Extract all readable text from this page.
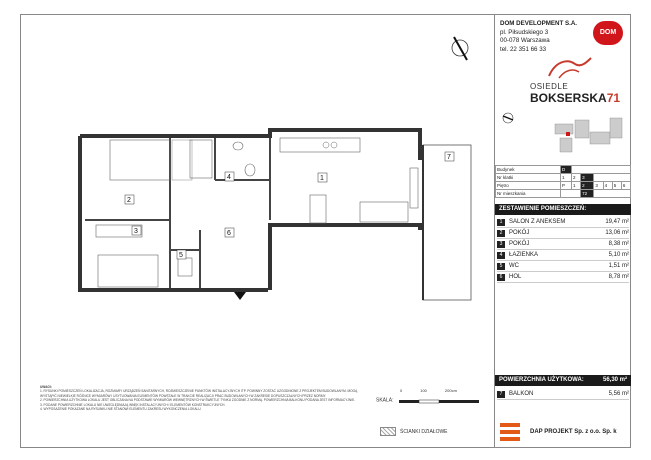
2
3
4
5
6
1
7
DOM DEVELOPMENT S.A.
pl. Piłsudskiego 3
00-078 Warszawa
tel. 22 351 66 33
DOM
OSIEDLE
BOKSERSKA71
Budynek	D						
Nr klatki	1	2	3				
Piętro	P	1	2	3	4	5	6
Nr mieszkania			72				
ZESTAWIENIE POMIESZCZEŃ:
1	SALON Z ANEKSEM	19,47 m²
2	POKÓJ	13,06 m²
3	POKÓJ	8,38 m²
4	ŁAZIENKA	5,10 m²
5	WC	1,51 m²
6	HOL	8,78 m²
POWIERZCHNIA UŻYTKOWA:	56,30 m²
7	BALKON	5,56 m²
UWAGI:
1. RYSUNKI POMIESZCZEŃ LOKALIZACJA, ROZMIARY URZĄDZEŃ SANITARNYCH, ROZMIESZCZENIE PUNKTÓW INSTALACYJNYCH ITP. POWINNY ZOSTAĆ UZGODNIONE Z PROJEKTEM BUDOWLANYM. MOGĄ WYSTĄPIĆ NIEWIELKIE RÓŻNICE WYMIARÓW I USYTUOWANIA ELEMENTÓW POWSTAŁE W TRAKCIE REALIZACJI PRAC BUDOWLANYCH W ZAKRESIE DOPUSZCZALNYCH PRZEZ NORMY.
2. POWIERZCHNIA UŻYTKOWA LOKALU JEST OBLICZANA NA PODSTAWIE WYMIARÓW WEWNĘTRZNYCH W ŚWIETLE TYNKU ZGODNIE Z NORMĄ. POWIERZCHNIA BALKONU PODANA JEST INFORMACYJNIE.
3. PODANE POWIERZCHNIE LOKALU NIE UWZGLĘDNIAJĄ WNĘK INSTALACYJNYCH I ELEMENTÓW KONSTRUKCYJNYCH.
4. WYPOSAŻENIE POKAZANE NA RYSUNKU NIE STANOWI ELEMENTU ZAKRESU WYKOŃCZENIA LOKALU.
SKALA:
0	100	200cm
ŚCIANKI DZIAŁOWE	DAP PROJEKT Sp. z o.o. Sp. k
